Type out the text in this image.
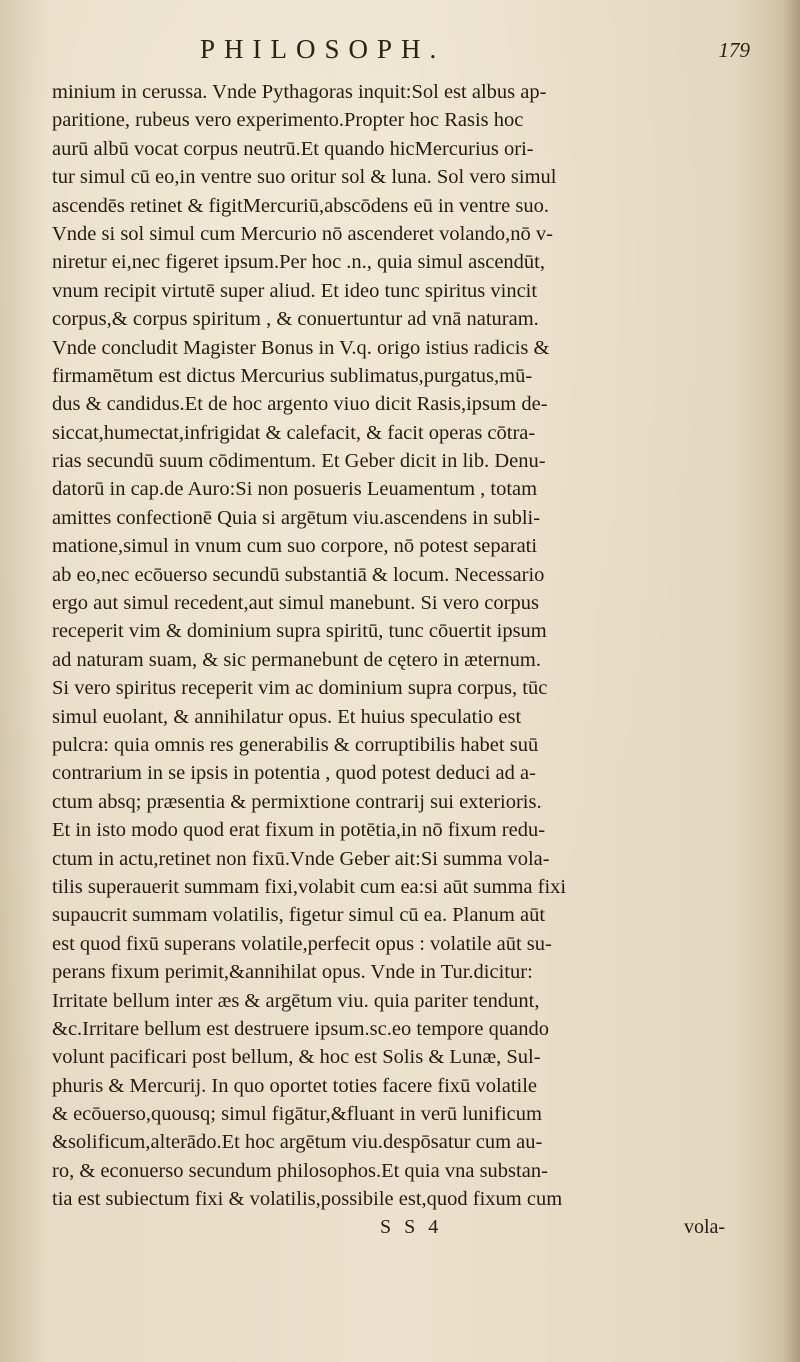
PHILOSOPH.	179
minium in cerussa. Vnde Pythagoras inquit:Sol est albus ap-
paritione, rubeus vero experimento.Propter hoc Rasis hoc
aurū albū vocat corpus neutrū.Et quando hicMercurius ori-
tur simul cū eo,in ventre suo oritur sol & luna. Sol vero simul
ascendēs retinet & figitMercuriū,abscōdens eū in ventre suo.
Vnde si sol simul cum Mercurio nō ascenderet volando,nō v-
niretur ei,nec figeret ipsum.Per hoc .n., quia simul ascendūt,
vnum recipit virtutē super aliud. Et ideo tunc spiritus vincit
corpus,& corpus spiritum , & conuertuntur ad vnā naturam.
Vnde concludit Magister Bonus in V.q. origo istius radicis &
firmamētum est dictus Mercurius sublimatus,purgatus,mū-
dus & candidus.Et de hoc argento viuo dicit Rasis,ipsum de-
siccat,humectat,infrigidat & calefacit, & facit operas cōtra-
rias secundū suum cōdimentum. Et Geber dicit in lib. Denu-
datorū in cap.de Auro:Si non posueris Leuamentum , totam
amittes confectionē Quia si argētum viu.ascendens in subli-
matione,simul in vnum cum suo corpore, nō potest separati
ab eo,nec ecōuerso secundū substantiā & locum. Necessario
ergo aut simul recedent,aut simul manebunt. Si vero corpus
receperit vim & dominium supra spiritū, tunc cōuertit ipsum
ad naturam suam, & sic permanebunt de cętero in æternum.
Si vero spiritus receperit vim ac dominium supra corpus, tūc
simul euolant, & annihilatur opus. Et huius speculatio est
pulcra: quia omnis res generabilis & corruptibilis habet suū
contrarium in se ipsis in potentia , quod potest deduci ad a-
ctum absq; præsentia & permixtione contrarij sui exterioris.
Et in isto modo quod erat fixum in potētia,in nō fixum redu-
ctum in actu,retinet non fixū.Vnde Geber ait:Si summa vola-
tilis superauerit summam fixi,volabit cum ea:si aūt summa fixi
supaucrit summam volatilis, figetur simul cū ea. Planum aūt
est quod fixū superans volatile,perfecit opus : volatile aūt su-
perans fixum perimit,&annihilat opus. Vnde in Tur.dicitur:
Irritate bellum inter æs & argētum viu. quia pariter tendunt,
&c.Irritare bellum est destruere ipsum.sc.eo tempore quando
volunt pacificari post bellum, & hoc est Solis & Lunæ, Sul-
phuris & Mercurij. In quo oportet toties facere fixū volatile
& ecōuerso,quousq; simul figātur,&fluant in verū lunificum
&solificum,alterādo.Et hoc argētum viu.despōsatur cum au-
ro, & econuerso secundum philosophos.Et quia vna substan-
tia est subiectum fixi & volatilis,possibile est,quod fixum cum
S S 4	vola-
